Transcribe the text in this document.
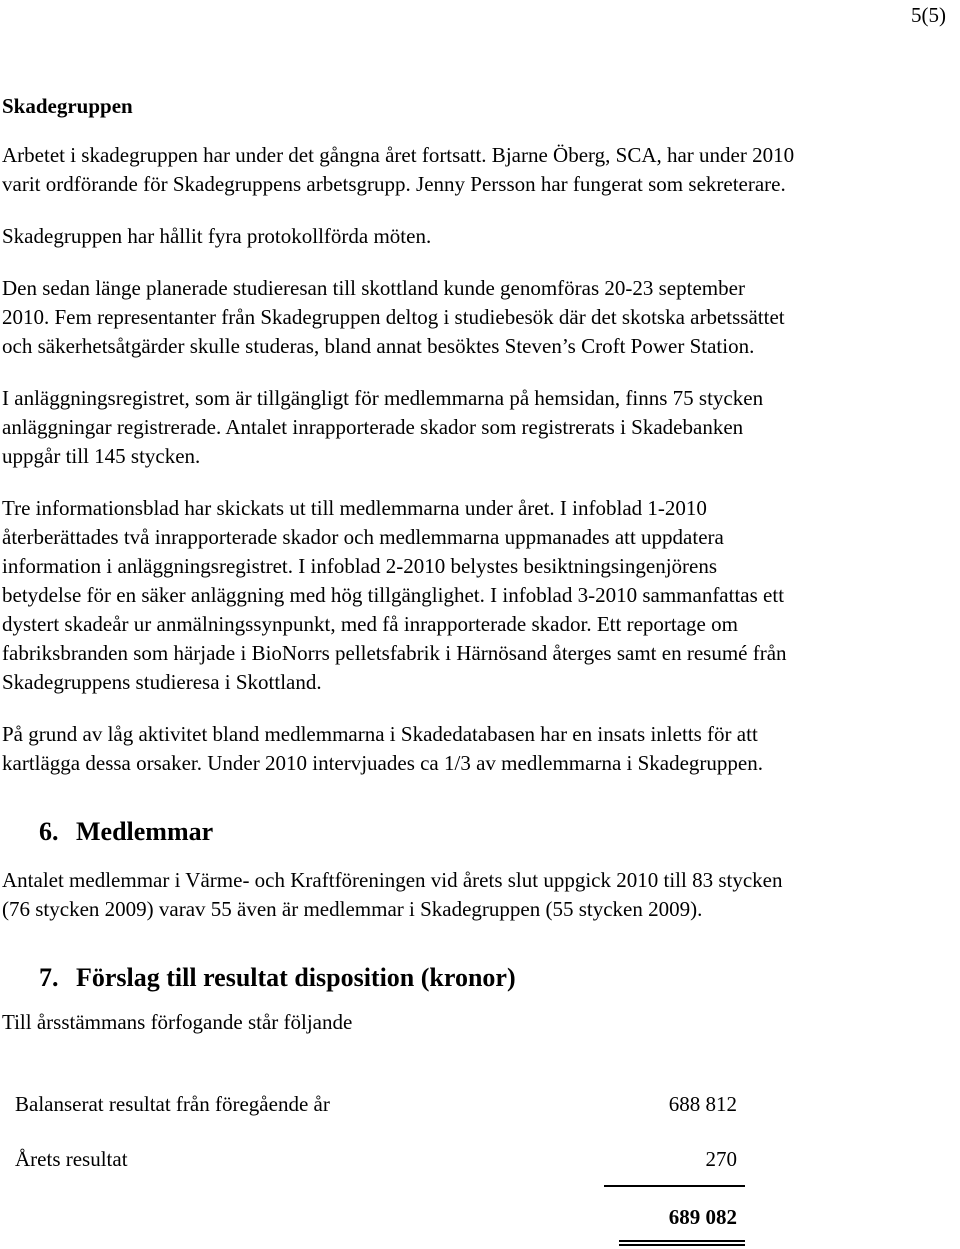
5(5)
Skadegruppen

Arbetet i skadegruppen har under det gångna året fortsatt. Bjarne Öberg, SCA, har under 2010
varit ordförande för Skadegruppens arbetsgrupp. Jenny Persson har fungerat som sekreterare.

Skadegruppen har hållit fyra protokollförda möten.

Den sedan länge planerade studieresan till skottland kunde genomföras 20-23 september
2010. Fem representanter från Skadegruppen deltog i studiebesök där det skotska arbetssättet
och säkerhetsåtgärder skulle studeras, bland annat besöktes Steven’s Croft Power Station.

I anläggningsregistret, som är tillgängligt för medlemmarna på hemsidan, finns 75 stycken
anläggningar registrerade. Antalet inrapporterade skador som registrerats i Skadebanken
uppgår till 145 stycken.

Tre informationsblad har skickats ut till medlemmarna under året. I infoblad 1-2010
återberättades två inrapporterade skador och medlemmarna uppmanades att uppdatera
information i anläggningsregistret. I infoblad 2-2010 belystes besiktningsingenjörens
betydelse för en säker anläggning med hög tillgänglighet. I infoblad 3-2010 sammanfattas ett
dystert skadeår ur anmälningssynpunkt, med få inrapporterade skador. Ett reportage om
fabriksbranden som härjade i BioNorrs pelletsfabrik i Härnösand återges samt en resumé från
Skadegruppens studieresa i Skottland.

På grund av låg aktivitet bland medlemmarna i Skadedatabasen har en insats inletts för att
kartlägga dessa orsaker. Under 2010 intervjuades ca 1/3 av medlemmarna i Skadegruppen.

6. Medlemmar

Antalet medlemmar i Värme- och Kraftföreningen vid årets slut uppgick 2010 till 83 stycken
(76 stycken 2009) varav 55 även är medlemmar i Skadegruppen (55 stycken 2009).

7. Förslag till resultat disposition (kronor)

Till årsstämmans förfogande står följande

Balanserat resultat från föregående år	688 812
Årets resultat	270
689 082
